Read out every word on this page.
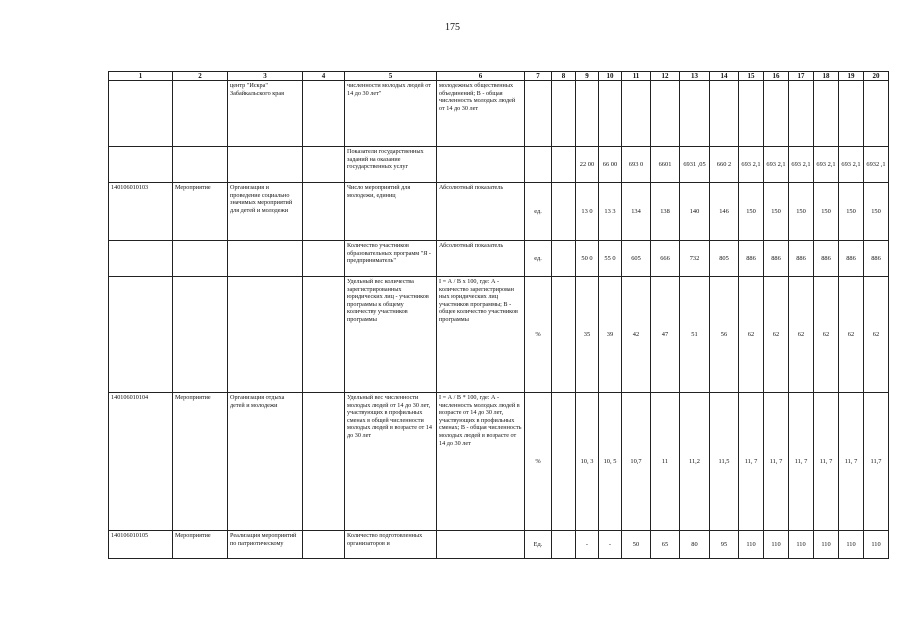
175
1	2	3	4	5	6	7	8	9	10	11	12	13	14	15	16	17	18	19	20
		центр "Искра" Забайкальского края		численности молодых людей от 14 до 30 лет"	молодежных общественных объединений; В - общая численность молодых людей от 14 до 30 лет														
				Показатели государственных заданий на оказание государственных услуг				22 00	66 00	693 0	6601	6931 ,05	660 2	693 2,1	693 2,1	693 2,1	693 2,1	693 2,1	6932 ,1
140106010103	Мероприятие	Организация и проведение социально значимых мероприятий для детей и молодежи		Число мероприятий для молодежи, единиц	Абсолютный показатель	ед.		13 0	13 3	134	138	140	146	150	150	150	150	150	150
				Количество участников образовательных программ "Я - предприниматель"	Абсолютный показатель	ед.		50 0	55 0	605	666	732	805	886	886	886	886	886	886
				Удельный вес количества зарегистрированных юридических лиц - участников программы к общему количеству участников программы	I = А / В х 100, где: А - количество зарегистрирован ных юридических лиц участников программы; В - общее количество участников программы	%		35	39	42	47	51	56	62	62	62	62	62	62
140106010104	Мероприятие	Организация отдыха детей и молодежи		Удельный вес численности молодых людей от 14 до 30 лет, участвующих в профильных сменах в общей численности молодых людей в возрасте от 14 до 30 лет	I = А / В * 100, где: А - численность молодых людей в возрасте от 14 до 30 лет, участвующих в профильных сменах; В - общая численность молодых людей в возрасте от 14 до 30 лет	%		10, 3	10, 5	10,7	11	11,2	11,5	11, 7	11, 7	11, 7	11, 7	11, 7	11,7
140106010105	Мероприятие	Реализация мероприятий по патриотическому		Количество подготовленных организаторов и		Ед.		-	-	50	65	80	95	110	110	110	110	110	110
